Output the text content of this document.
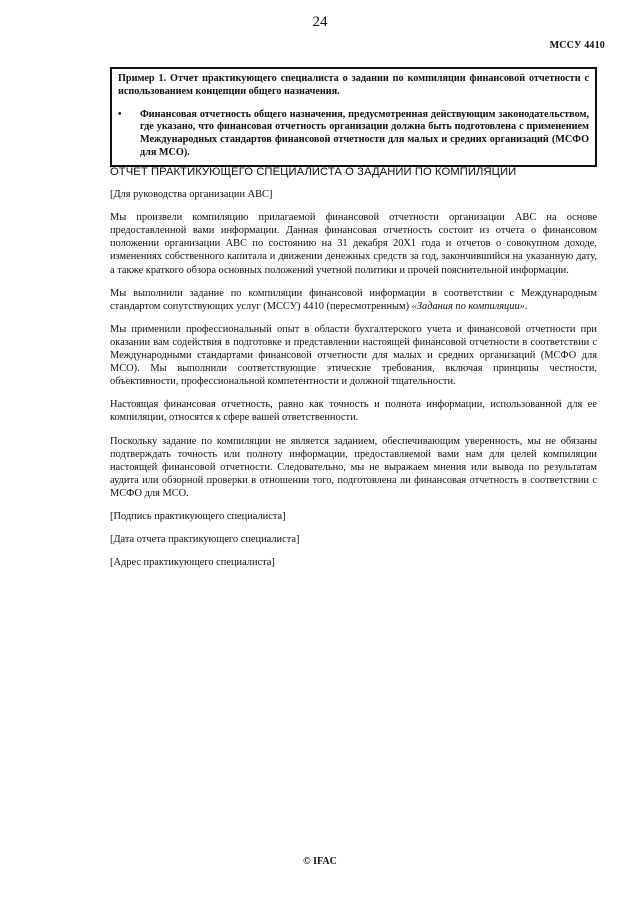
24
МССУ 4410

Пример 1. Отчет практикующего специалиста о задании по компиляции финансовой отчетности с использованием концепции общего назначения.

•	Финансовая отчетность общего назначения, предусмотренная действующим законодательством, где указано, что финансовая отчетность организации должна быть подготовлена с применением Международных стандартов финансовой отчетности для малых и средних организаций (МСФО для МСО).

ОТЧЕТ ПРАКТИКУЮЩЕГО СПЕЦИАЛИСТА О ЗАДАНИИ ПО КОМПИЛЯЦИИ

[Для руководства организации ABC]

Мы произвели компиляцию прилагаемой финансовой отчетности организации ABC на основе предоставленной вами информации. Данная финансовая отчетность состоит из отчета о финансовом положении организации ABC по состоянию на 31 декабря 20X1 года и отчетов о совокупном доходе, изменениях собственного капитала и движении денежных средств за год, закончившийся на указанную дату, а также краткого обзора основных положений учетной политики и прочей пояснительной информации.

Мы выполнили задание по компиляции финансовой информации в соответствии с Международным стандартом сопутствующих услуг (МССУ) 4410 (пересмотренным) «Задания по компиляции».

Мы применили профессиональный опыт в области бухгалтерского учета и финансовой отчетности при оказании вам содействия в подготовке и представлении настоящей финансовой отчетности в соответствии с Международными стандартами финансовой отчетности для малых и средних организаций (МСФО для МСО). Мы выполнили соответствующие этические требования, включая принципы честности, объективности, профессиональной компетентности и должной тщательности.

Настоящая финансовая отчетность, равно как точность и полнота информации, использованной для ее компиляции, относятся к сфере вашей ответственности.

Поскольку задание по компиляции не является заданием, обеспечивающим уверенность, мы не обязаны подтверждать точность или полноту информации, предоставляемой вами нам для целей компиляции настоящей финансовой отчетности. Следовательно, мы не выражаем мнения или вывода по результатам аудита или обзорной проверки в отношении того, подготовлена ли финансовая отчетность в соответствии с МСФО для МСО.

[Подпись практикующего специалиста]

[Дата отчета практикующего специалиста]

[Адрес практикующего специалиста]

© IFAC
